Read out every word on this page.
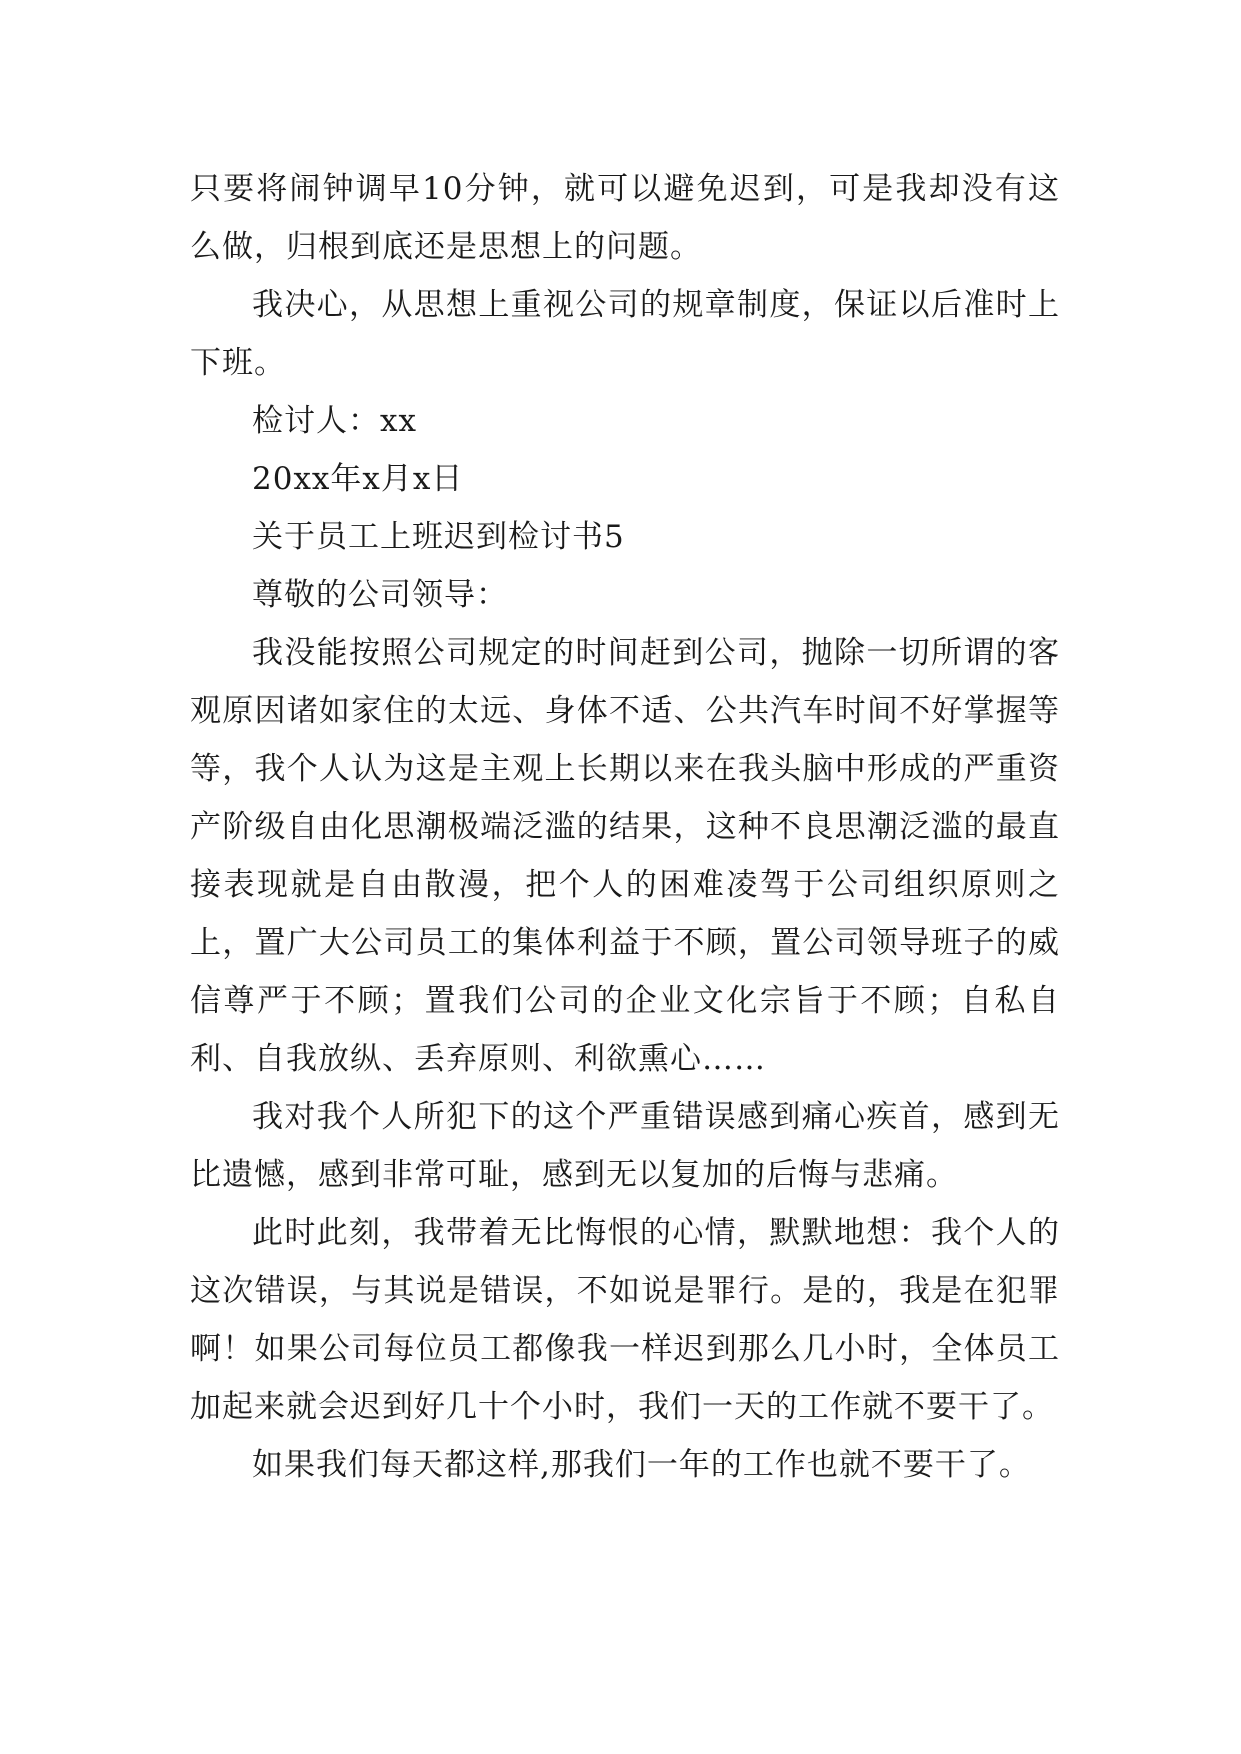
只要将闹钟调早10分钟，就可以避免迟到，可是我却没有这么做，归根到底还是思想上的问题。

我决心，从思想上重视公司的规章制度，保证以后准时上下班。

检讨人：xx

20xx年x月x日

关于员工上班迟到检讨书5

尊敬的公司领导：

我没能按照公司规定的时间赶到公司，抛除一切所谓的客观原因诸如家住的太远、身体不适、公共汽车时间不好掌握等等，我个人认为这是主观上长期以来在我头脑中形成的严重资产阶级自由化思潮极端泛滥的结果，这种不良思潮泛滥的最直接表现就是自由散漫，把个人的困难凌驾于公司组织原则之上，置广大公司员工的集体利益于不顾，置公司领导班子的威信尊严于不顾；置我们公司的企业文化宗旨于不顾；自私自利、自我放纵、丢弃原则、利欲熏心……

我对我个人所犯下的这个严重错误感到痛心疾首，感到无比遗憾，感到非常可耻，感到无以复加的后悔与悲痛。

此时此刻，我带着无比悔恨的心情，默默地想：我个人的这次错误，与其说是错误，不如说是罪行。是的，我是在犯罪啊！如果公司每位员工都像我一样迟到那么几小时，全体员工加起来就会迟到好几十个小时，我们一天的工作就不要干了。

如果我们每天都这样,那我们一年的工作也就不要干了。
